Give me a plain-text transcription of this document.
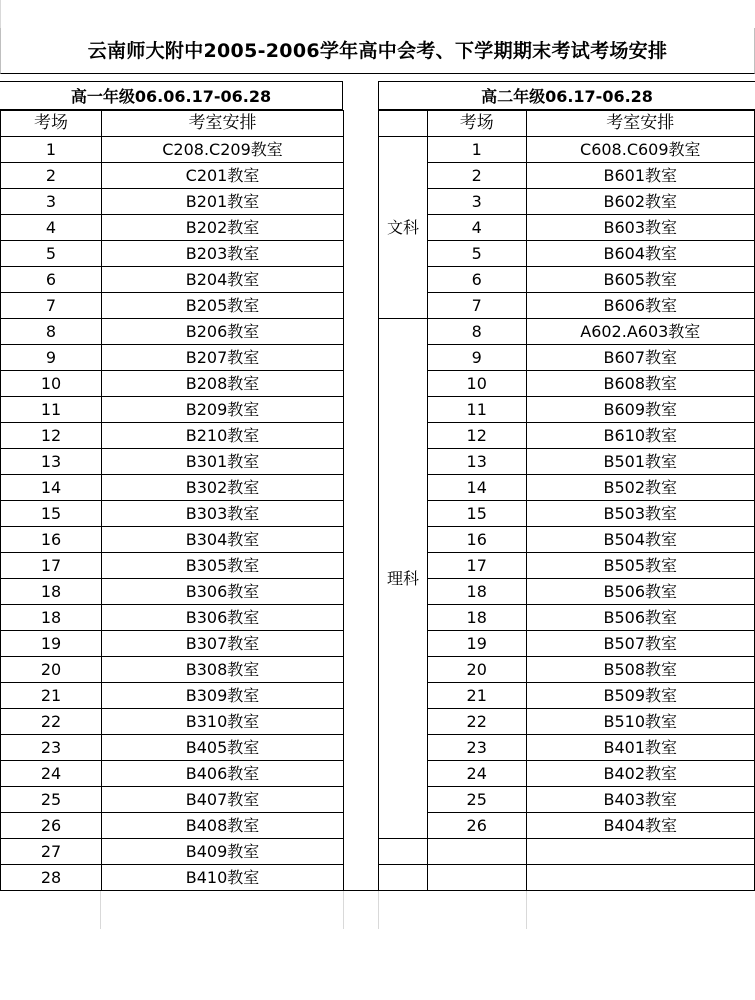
云南师大附中2005-2006学年高中会考、下学期期末考试考场安排
高一年级06.06.17-06.28	高二年级06.17-06.28
考场	考室安排
1	C208.C209教室
2	C201教室
3	B201教室
4	B202教室
5	B203教室
6	B204教室
7	B205教室
8	B206教室
9	B207教室
10	B208教室
11	B209教室
12	B210教室
13	B301教室
14	B302教室
15	B303教室
16	B304教室
17	B305教室
18	B306教室
18	B306教室
19	B307教室
20	B308教室
21	B309教室
22	B310教室
23	B405教室
24	B406教室
25	B407教室
26	B408教室
27	B409教室
28	B410教室
	考场	考室安排
文科	1	C608.C609教室
	2	B601教室
	3	B602教室
	4	B603教室
	5	B604教室
	6	B605教室
	7	B606教室
理科	8	A602.A603教室
	9	B607教室
	10	B608教室
	11	B609教室
	12	B610教室
	13	B501教室
	14	B502教室
	15	B503教室
	16	B504教室
	17	B505教室
	18	B506教室
	18	B506教室
	19	B507教室
	20	B508教室
	21	B509教室
	22	B510教室
	23	B401教室
	24	B402教室
	25	B403教室
	26	B404教室
